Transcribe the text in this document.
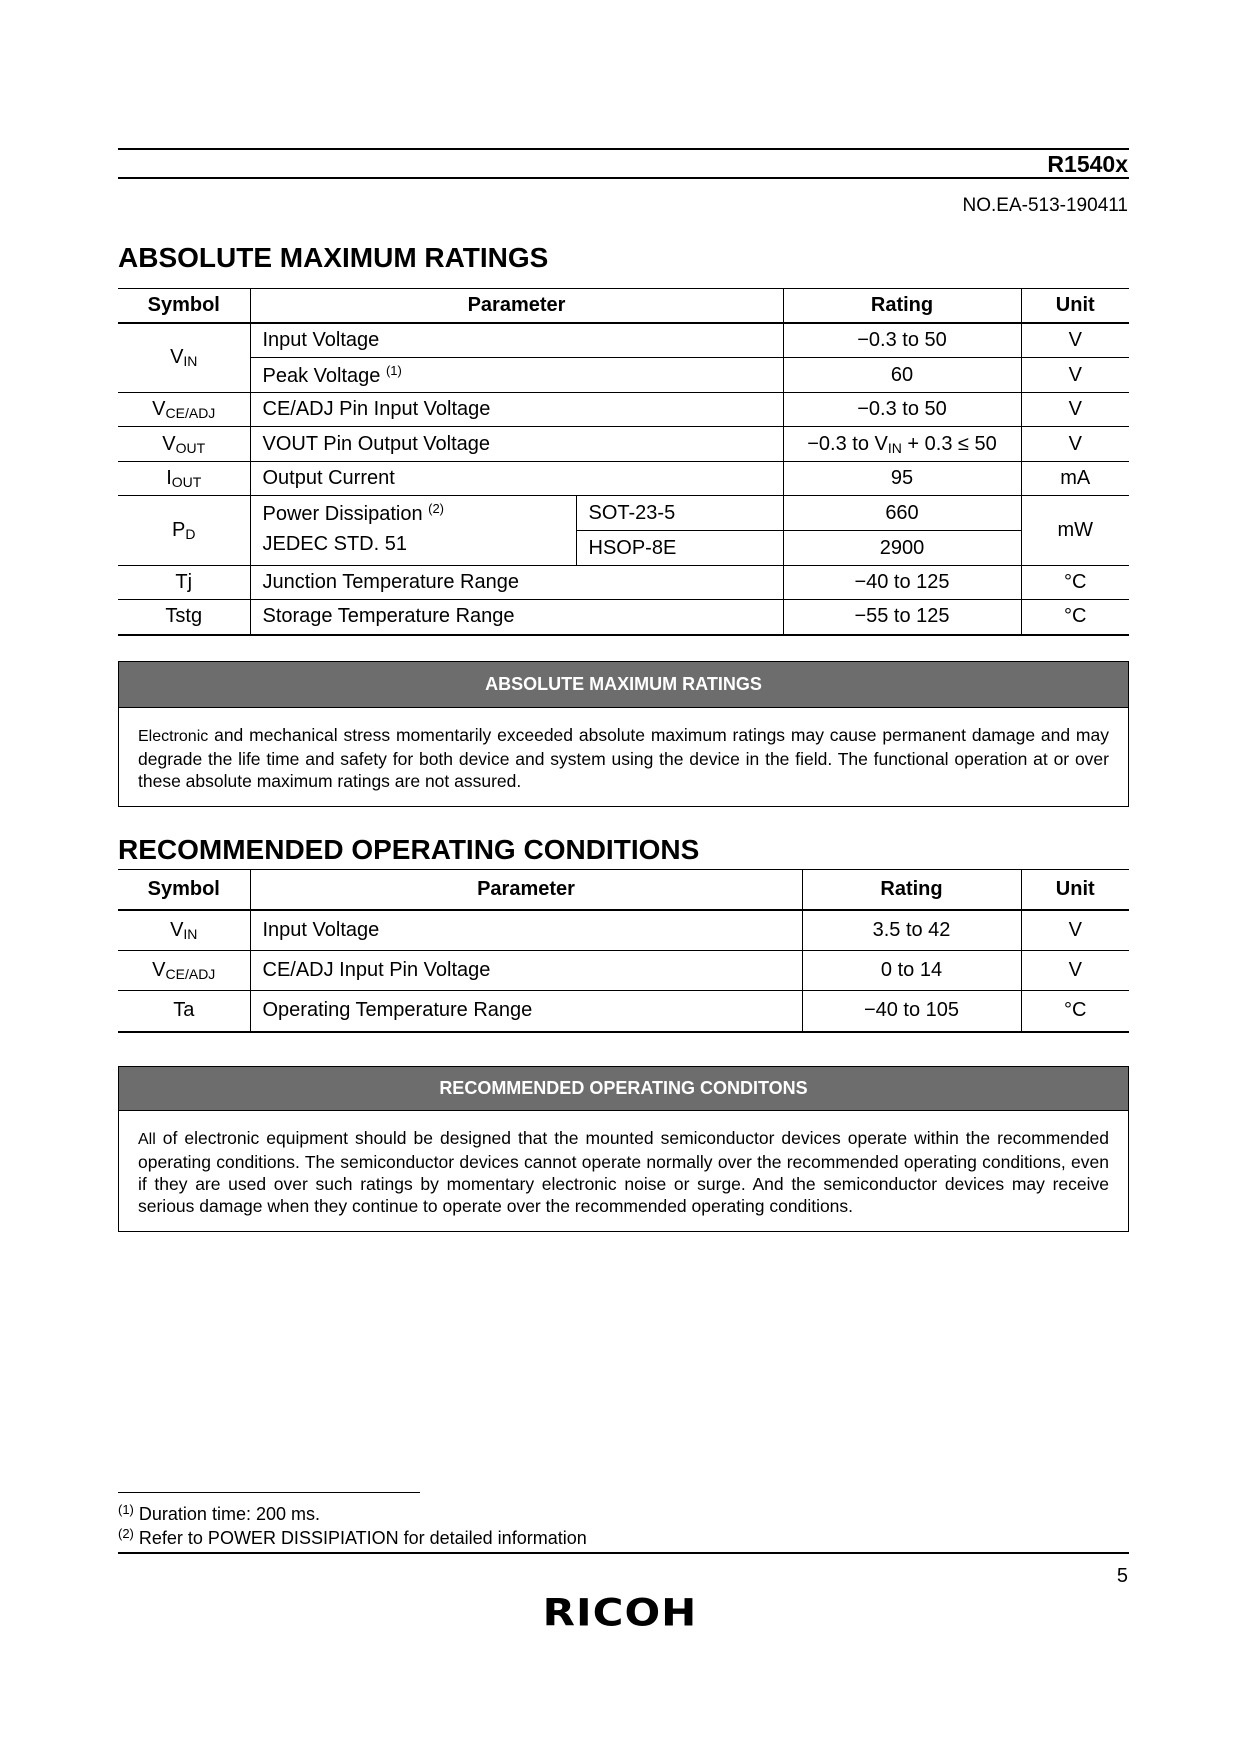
R1540x
NO.EA-513-190411
ABSOLUTE MAXIMUM RATINGS
Symbol	Parameter		Rating	Unit
$V_{IN}$	Input Voltage		−0.3 to 50	V
	Peak Voltage $^{(1)}$		60	V
$V_{CE/ADJ}$	CE/ADJ Pin Input Voltage		−0.3 to 50	V
$V_{OUT}$	VOUT Pin Output Voltage		−0.3 to $V_{IN} + 0.3 \le 50$	V
$I_{OUT}$	Output Current		95	mA
$P_D$	Power Dissipation $^{(2)}$	SOT-23-5	660	mW
	JEDEC STD. 51	HSOP-8E	2900	
Tj	Junction Temperature Range		−40 to 125	°C
Tstg	Storage Temperature Range		−55 to 125	°C
ABSOLUTE MAXIMUM RATINGS
Electronic and mechanical stress momentarily exceeded absolute maximum ratings may cause permanent damage and may degrade the life time and safety for both device and system using the device in the field. The functional operation at or over these absolute maximum ratings are not assured.
RECOMMENDED OPERATING CONDITIONS
Symbol	Parameter	Rating	Unit
$V_{IN}$	Input Voltage	3.5 to 42	V
$V_{CE/ADJ}$	CE/ADJ Input Pin Voltage	0 to 14	V
Ta	Operating Temperature Range	−40 to 105	°C
RECOMMENDED OPERATING CONDITONS
All of electronic equipment should be designed that the mounted semiconductor devices operate within the recommended operating conditions. The semiconductor devices cannot operate normally over the recommended operating conditions, even if they are used over such ratings by momentary electronic noise or surge. And the semiconductor devices may receive serious damage when they continue to operate over the recommended operating conditions.
$^{(1)}$ Duration time: 200 ms.
$^{(2)}$ Refer to POWER DISSIPIATION for detailed information
5
RICOH
